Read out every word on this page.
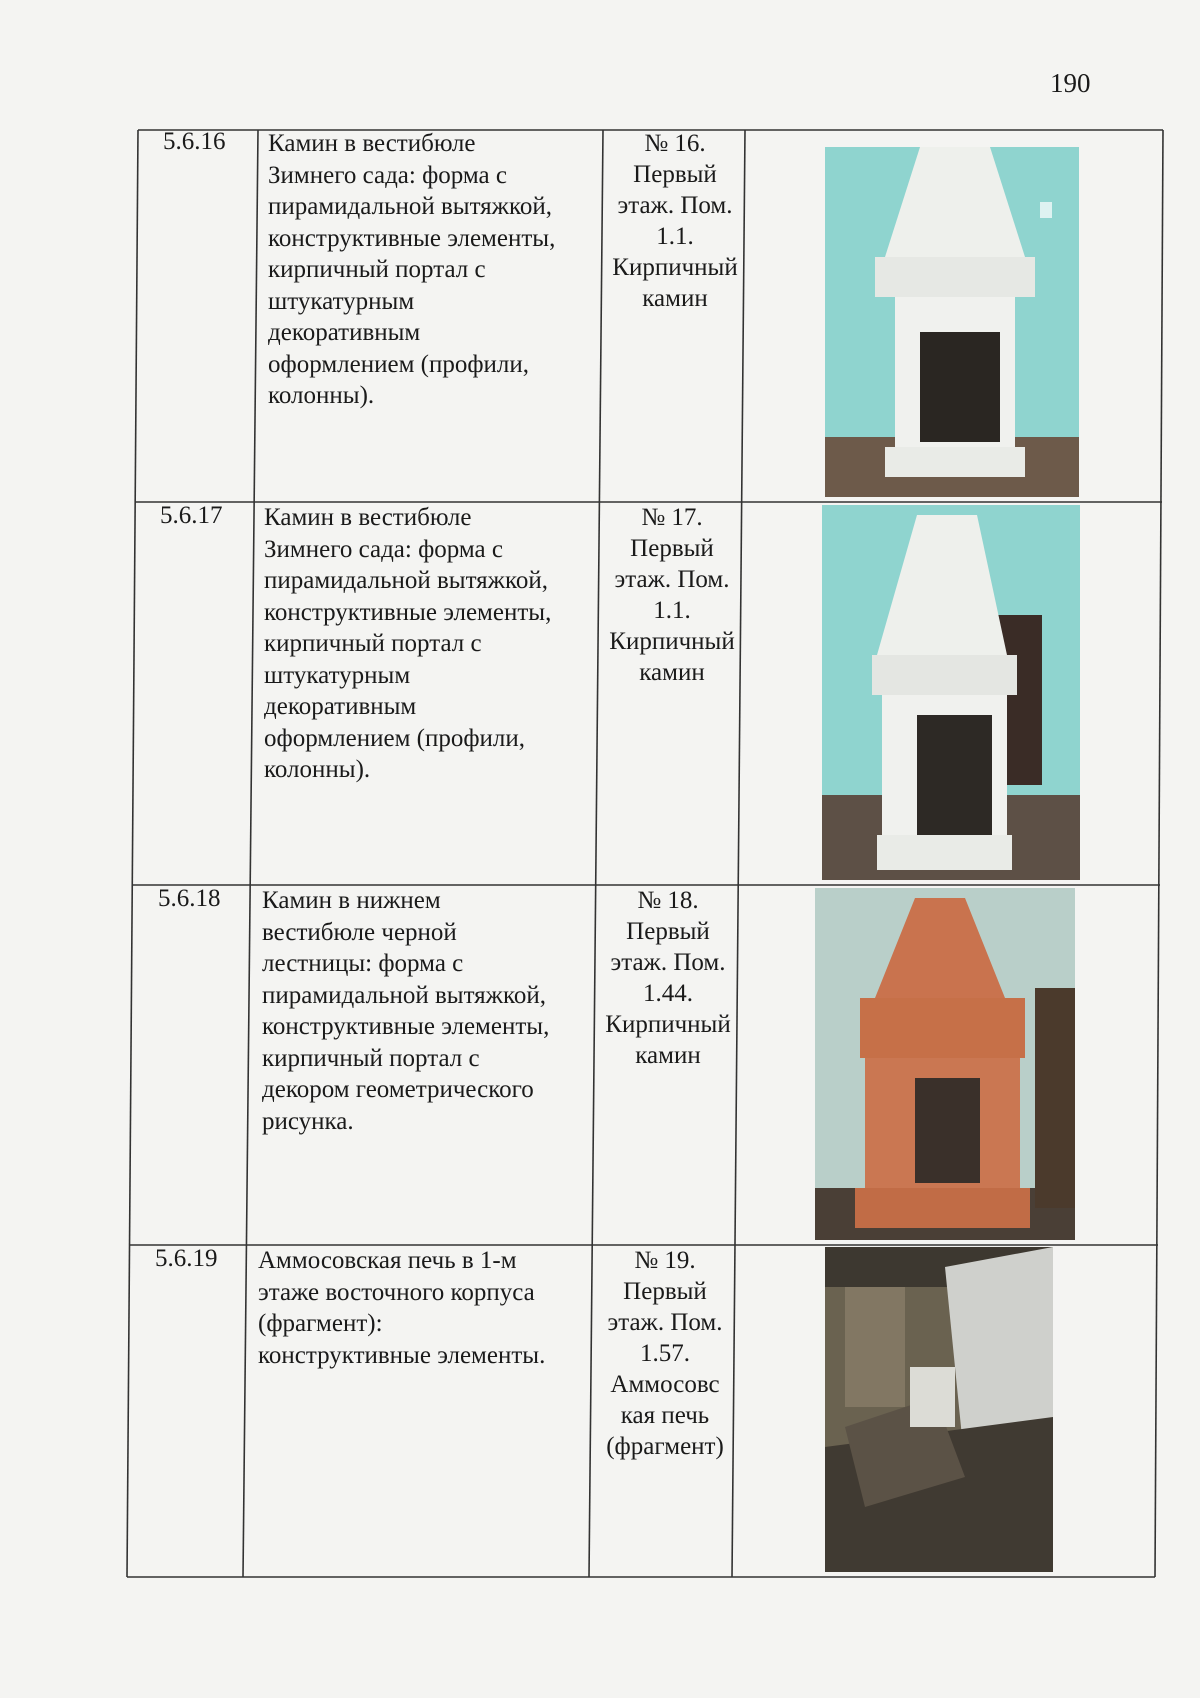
190
5.6.16 Камин в вестибюле
Зимнего сада: форма с
пирамидальной вытяжкой,
конструктивные элементы,
кирпичный портал с
штукатурным
декоративным
оформлением (профили,
колонны).
№ 16.
Первый
этаж. Пом.
1.1.
Кирпичный
камин
5.6.17 Камин в вестибюле
Зимнего сада: форма с
пирамидальной вытяжкой,
конструктивные элементы,
кирпичный портал с
штукатурным
декоративным
оформлением (профили,
колонны).
№ 17.
Первый
этаж. Пом.
1.1.
Кирпичный
камин
5.6.18 Камин в нижнем
вестибюле черной
лестницы: форма с
пирамидальной вытяжкой,
конструктивные элементы,
кирпичный портал с
декором геометрического
рисунка.
№ 18.
Первый
этаж. Пом.
1.44.
Кирпичный
камин
5.6.19 Аммосовская печь в 1-м
этаже восточного корпуса
(фрагмент):
конструктивные элементы.
№ 19.
Первый
этаж. Пом.
1.57.
Аммосовс
кая печь
(фрагмент)
